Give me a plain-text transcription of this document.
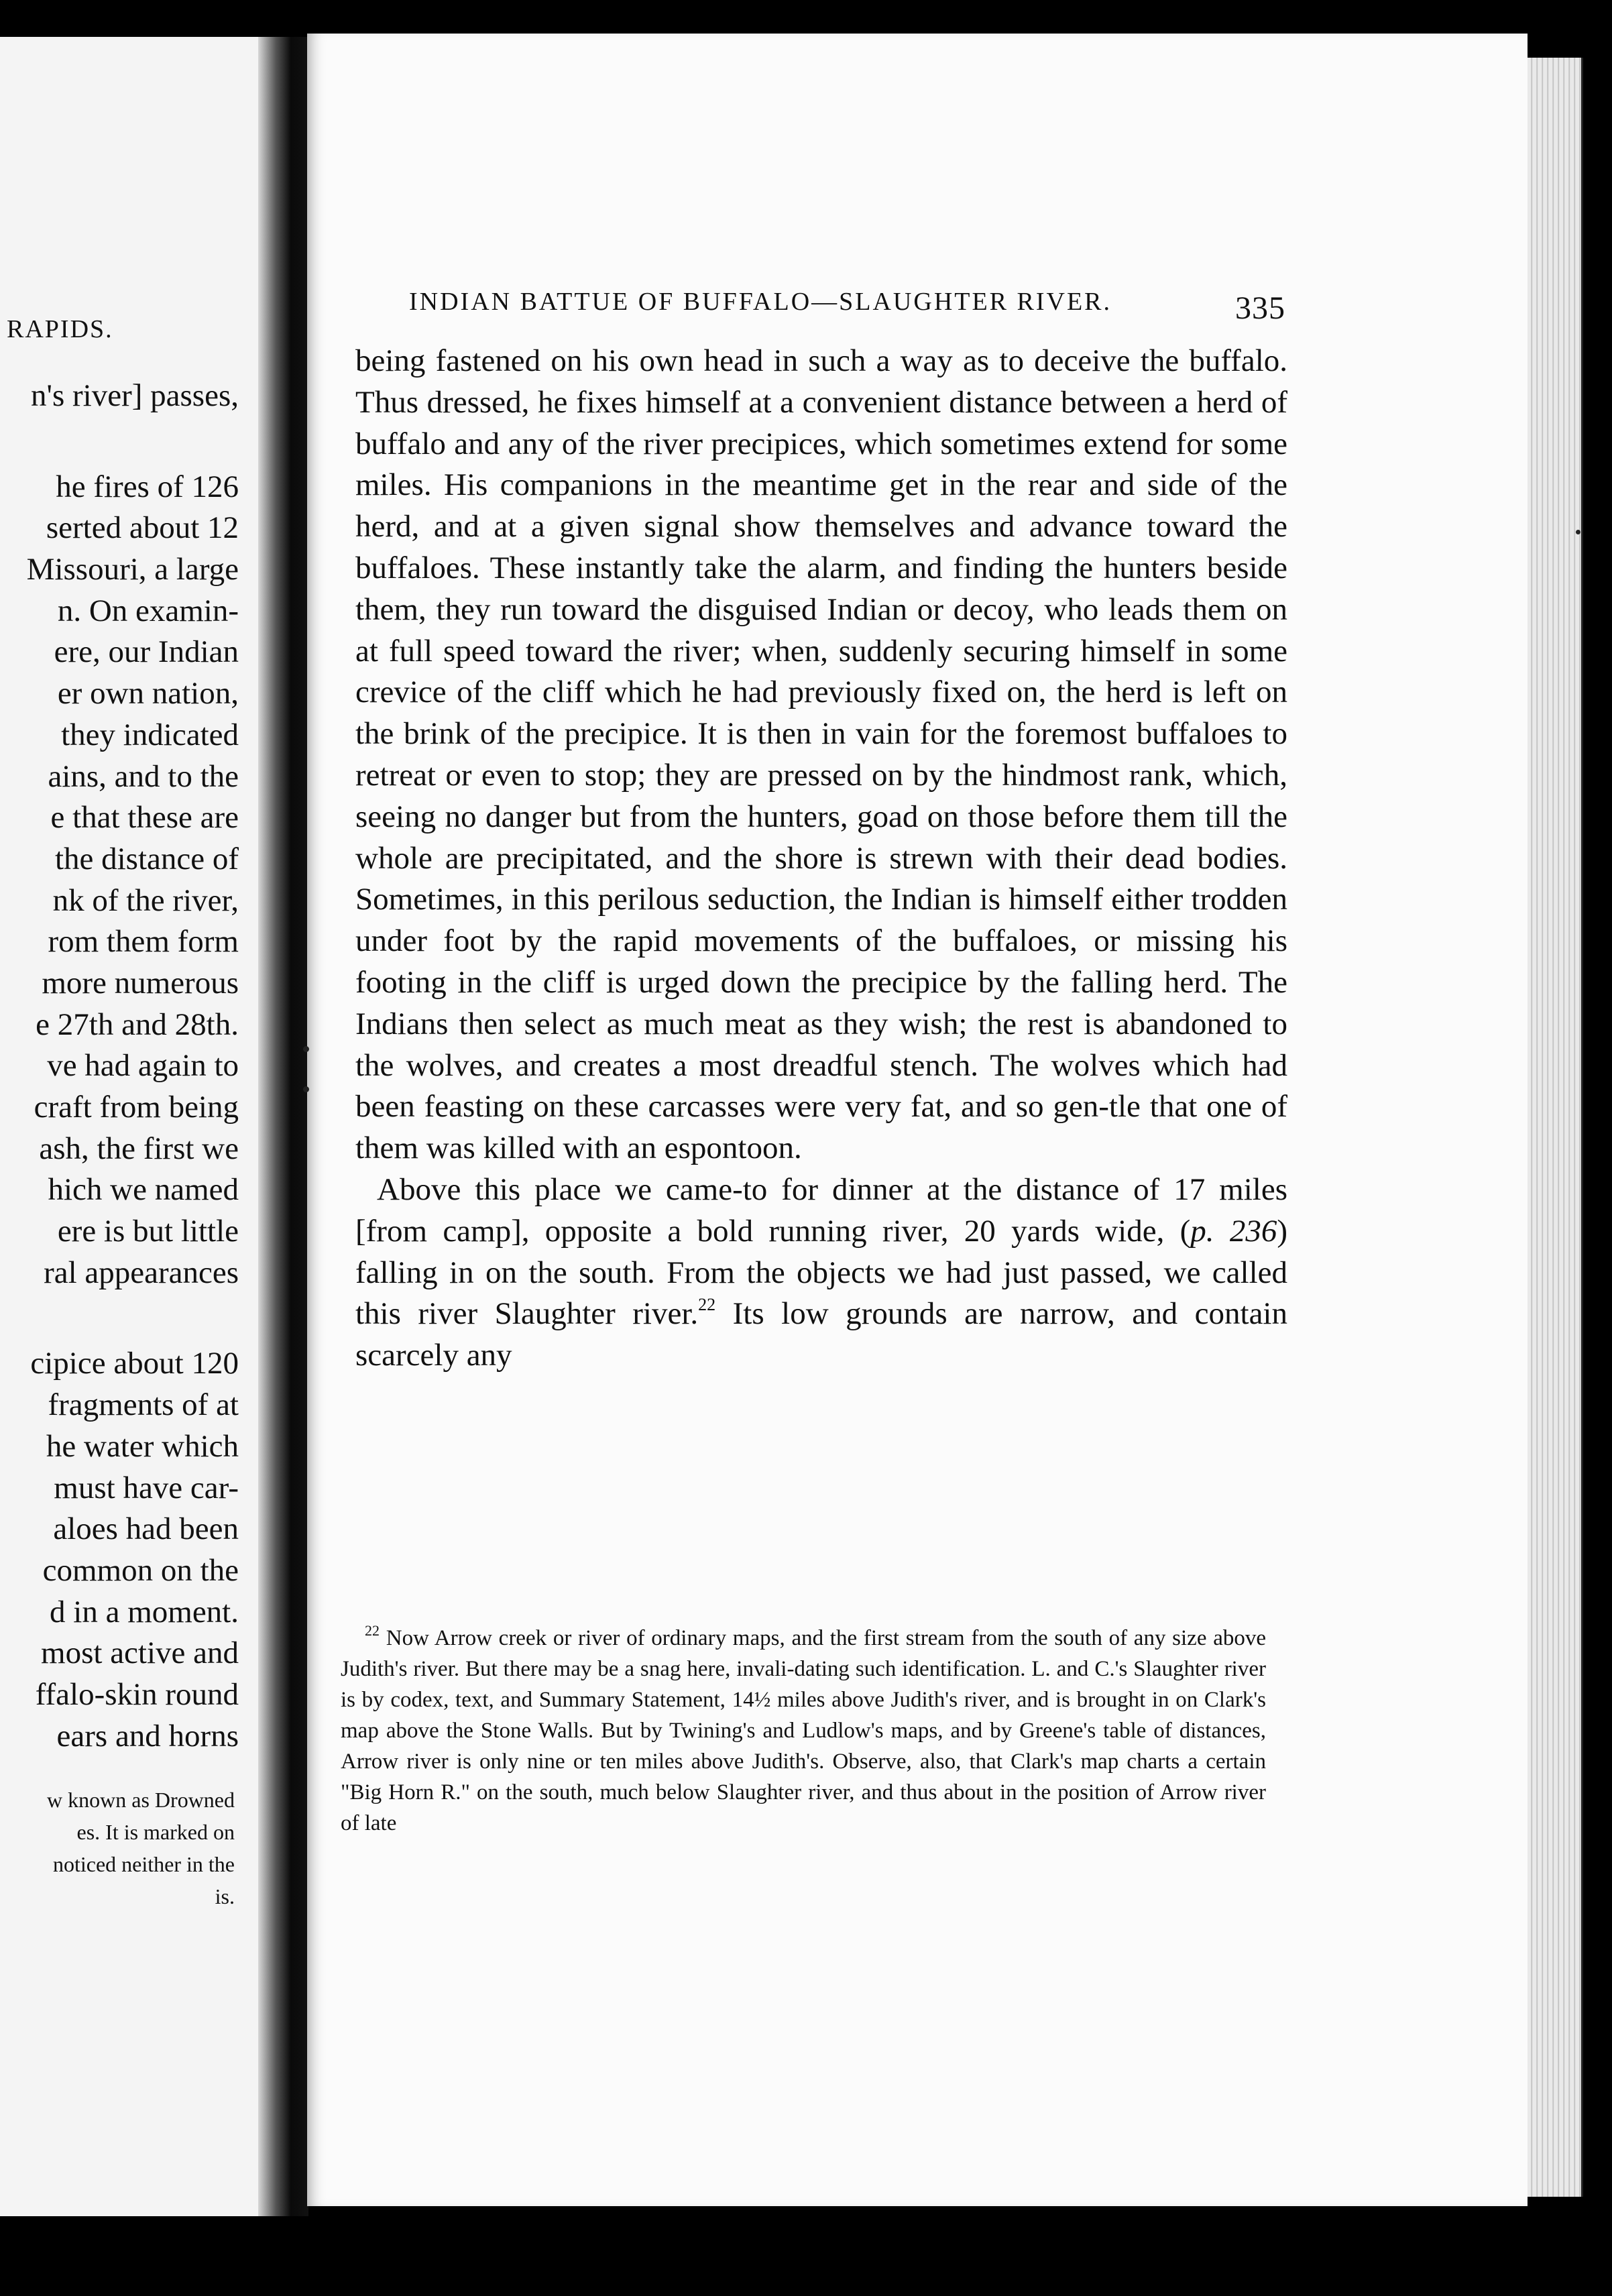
RAPIDS.
n's river] passes,
he fires of 126
serted about 12
Missouri, a large
n. On examin-
ere, our Indian
er own nation,
they indicated
ains, and to the
e that these are
the distance of
nk of the river,
rom them form
more numerous
e 27th and 28th.
ve had again to
craft from being
ash, the first we
hich we named
ere is but little
ral appearances
cipice about 120
fragments of at
he water which
must have car-
aloes had been
common on the
d in a moment.
most active and
ffalo-skin round
ears and horns
w known as Drowned
es. It is marked on
noticed neither in the
is.
INDIAN BATTUE OF BUFFALO—SLAUGHTER RIVER.	335

being fastened on his own head in such a way as to deceive the buffalo. Thus dressed, he fixes himself at a convenient distance between a herd of buffalo and any of the river precipices, which sometimes extend for some miles. His companions in the meantime get in the rear and side of the herd, and at a given signal show themselves and advance toward the buffaloes. These instantly take the alarm, and finding the hunters beside them, they run toward the disguised Indian or decoy, who leads them on at full speed toward the river; when, suddenly securing himself in some crevice of the cliff which he had previously fixed on, the herd is left on the brink of the precipice. It is then in vain for the foremost buffaloes to retreat or even to stop; they are pressed on by the hindmost rank, which, seeing no danger but from the hunters, goad on those before them till the whole are precipitated, and the shore is strewn with their dead bodies. Sometimes, in this perilous seduction, the Indian is himself either trodden under foot by the rapid movements of the buffaloes, or missing his footing in the cliff is urged down the precipice by the falling herd. The Indians then select as much meat as they wish; the rest is abandoned to the wolves, and creates a most dreadful stench. The wolves which had been feasting on these carcasses were very fat, and so gen-tle that one of them was killed with an espontoon.

Above this place we came-to for dinner at the distance of 17 miles [from camp], opposite a bold running river, 20 yards wide, (p. 236) falling in on the south. From the objects we had just passed, we called this river Slaughter river.$^{22}$ Its low grounds are narrow, and contain scarcely any

$^{22}$ Now Arrow creek or river of ordinary maps, and the first stream from the south of any size above Judith's river. But there may be a snag here, invali-dating such identification. L. and C.'s Slaughter river is by codex, text, and Summary Statement, 14½ miles above Judith's river, and is brought in on Clark's map above the Stone Walls. But by Twining's and Ludlow's maps, and by Greene's table of distances, Arrow river is only nine or ten miles above Judith's. Observe, also, that Clark's map charts a certain "Big Horn R." on the south, much below Slaughter river, and thus about in the position of Arrow river of late
